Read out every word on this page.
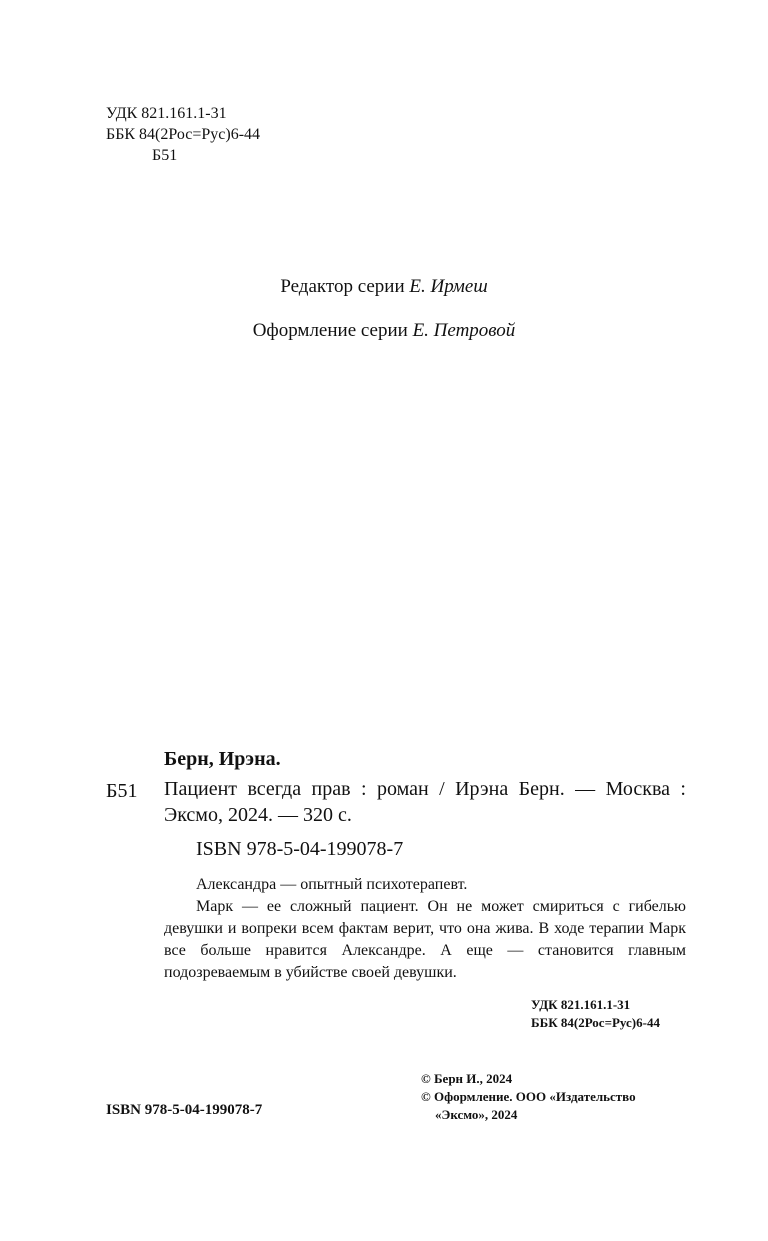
УДК 821.161.1-31
ББК 84(2Рос=Рус)6-44
Б51
Редактор серии Е. Ирмеш
Оформление серии Е. Петровой
Берн, Ирэна.
Б51 Пациент всегда прав : роман / Ирэна Берн. — Москва : Эксмо, 2024. — 320 с.
ISBN 978-5-04-199078-7

Александра — опытный психотерапевт.

Марк — ее сложный пациент. Он не может смириться с гибелью девушки и вопреки всем фактам верит, что она жива. В ходе терапии Марк все больше нравится Александре. А еще — становится главным подозреваемым в убийстве своей девушки.

УДК 821.161.1-31
ББК 84(2Рос=Рус)6-44
© Берн И., 2024
© Оформление. ООО «Издательство
«Эксмо», 2024
ISBN 978-5-04-199078-7
